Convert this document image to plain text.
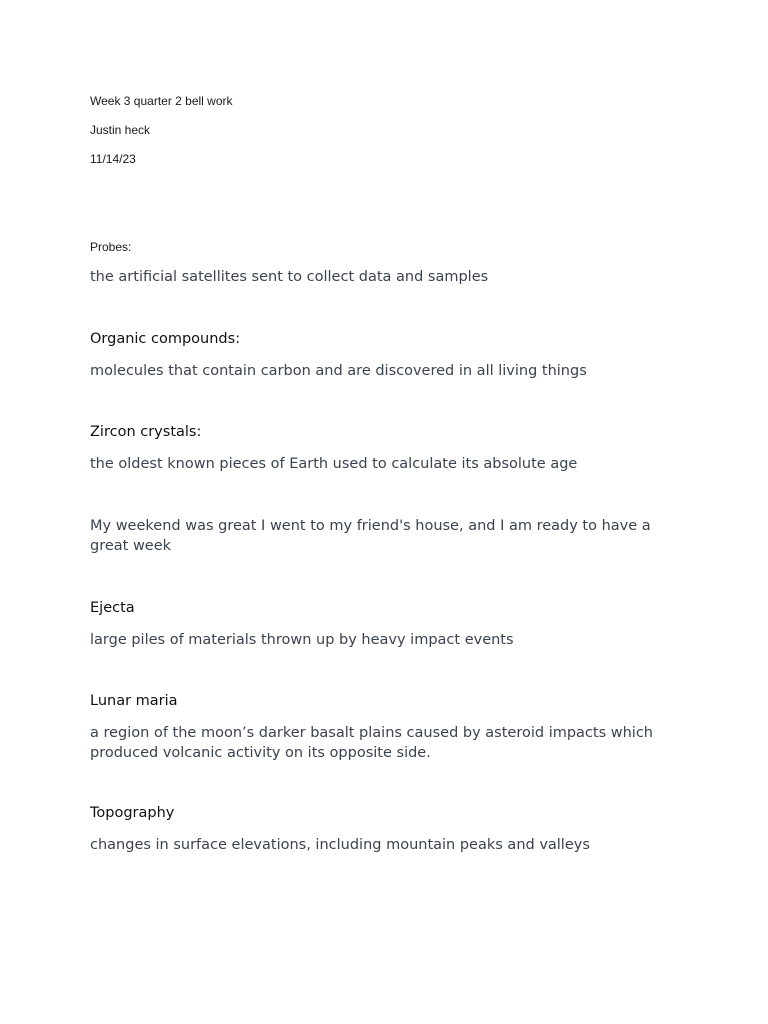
Week 3 quarter 2 bell work
Justin heck
11/14/23
Probes:
the artificial satellites sent to collect data and samples
Organic compounds:
molecules that contain carbon and are discovered in all living things
Zircon crystals:
the oldest known pieces of Earth used to calculate its absolute age
My weekend was great I went to my friend's house, and I am ready to have a great week
Ejecta
large piles of materials thrown up by heavy impact events
Lunar maria
a region of the moon’s darker basalt plains caused by asteroid impacts which produced volcanic activity on its opposite side.
Topography
changes in surface elevations, including mountain peaks and valleys
